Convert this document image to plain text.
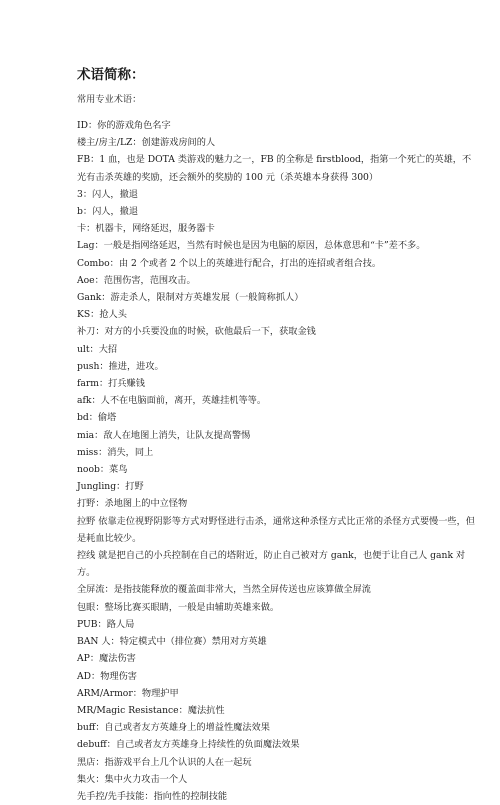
术语简称：
常用专业术语：

ID：你的游戏角色名字

楼主/房主/LZ：创建游戏房间的人

FB：1 血，也是 DOTA 类游戏的魅力之一，FB 的全称是 firstblood，指第一个死亡的英雄，不光有击杀英雄的奖励，还会额外的奖励的 100 元（杀英雄本身获得 300）

3：闪人，撤退

b：闪人，撤退

卡：机器卡，网络延迟，服务器卡

Lag：一般是指网络延迟，当然有时候也是因为电脑的原因，总体意思和“卡”差不多。

Combo：由 2 个或者 2 个以上的英雄进行配合，打出的连招或者组合技。

Aoe：范围伤害，范围攻击。

Gank：游走杀人，限制对方英雄发展（一般简称抓人）

KS：抢人头

补刀：对方的小兵要没血的时候，砍他最后一下，获取金钱

ult：大招

push：推进，进攻。

farm：打兵赚钱

afk：人不在电脑面前，离开，英雄挂机等等。

bd：偷塔

mia：敌人在地图上消失，让队友提高警惕

miss：消失，同上

noob：菜鸟

Jungling：打野

打野：杀地图上的中立怪物

拉野 依靠走位视野阴影等方式对野怪进行击杀，通常这种杀怪方式比正常的杀怪方式要慢一些，但是耗血比较少。

控线 就是把自己的小兵控制在自己的塔附近，防止自己被对方 gank，也便于让自己人 gank 对方。

全屏流：是指技能释放的覆盖面非常大，当然全屏传送也应该算做全屏流

包眼：整场比赛买眼睛，一般是由辅助英雄来做。

PUB：路人局

BAN 人：特定模式中（排位赛）禁用对方英雄

AP：魔法伤害

AD：物理伤害

ARM/Armor：物理护甲

MR/Magic Resistance：魔法抗性

buff：自己或者友方英雄身上的增益性魔法效果

debuff：自己或者友方英雄身上持续性的负面魔法效果

黑店：指游戏平台上几个认识的人在一起玩

集火：集中火力攻击一个人

先手控/先手技能：指向性的控制技能
